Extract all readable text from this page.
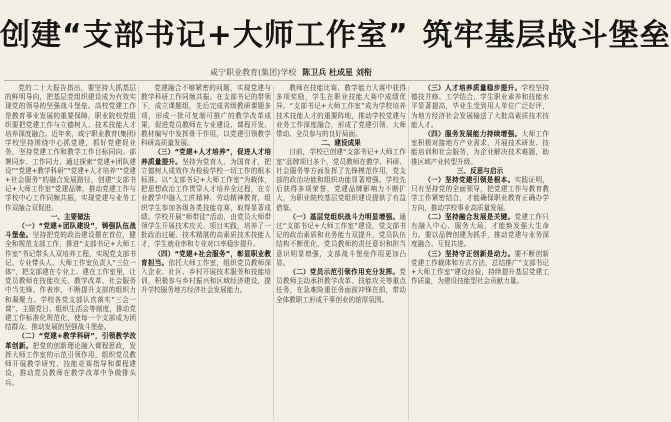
创建“支部书记+大师工作室” 筑牢基层战斗堡垒
咸宁职业教育(集团)学校 陈卫兵 杜成星 刘衔

党的二十大报告指出，要坚持大抓基层的鲜明导向，把基层党组织建设成为有效实现党的领导的坚强战斗堡垒。高校党建工作是教育事业发展的重要保障，职业院校党组织要把党建工作与立德树人、技术技能人才培养深度融合。近年来，咸宁职业教育(集团)学校坚持围绕中心抓党建，抓好党建促业务，坚持党建工作和教学工作目标同向、部署同步、工作同力，通过探索“党建+团队建设”“党建+教学科研”“党建+人才培养”“党建+社会服务”的融合发展路径，创建“支部书记+大师工作室”党建品牌，推动党建工作与学校中心工作同频共振，实现党建与业务工作双融合双促进。

一、主要做法

（一）“党建+团队建设”，铸强队伍战斗堡垒。坚持把党的政治建设摆在首位，健全和规范支部工作，推进“支部书记+大师工作室”书记带头人双培养工程，实现党支部书记、专业带头人、大师工作室负责人“三位一体”，把支部建在专业上、建在工作室里，让党员教师在技能攻关、教学改革、社会服务中当先锋、作表率，不断提升支部的组织力和凝聚力。学校各党支部认真落实“三会一课”、主题党日、组织生活会等制度，推动党建工作标准化规范化，使每一个支部成为团结群众、推动发展的坚强战斗堡垒。

（二）“党建+教学科研”，引领教学改革创新。把党的创新理论融入课程思政，发挥大师工作室的示范引领作用，组织党员教师开展教学研究、技能竞赛指导和课程建设，推动党员教师在教学改革中争做排头兵。

党建融合不够紧密的问题，实现党建与教学科研工作同频共振。在支部书记的带领下，成立课题组，先后完成省级教研课题多项，形成一批可复制可推广的教学改革成果，促进党员教师在专业建设、课程开发、教材编写中发挥骨干作用，以党建引领教学科研高质量发展。

（三）“党建+人才培养”，促进人才培养质量提升。坚持为党育人、为国育才，把立德树人成效作为检验学校一切工作的根本标准。以“支部书记+大师工作室”为载体，把思想政治工作贯穿人才培养全过程，在专业教学中融入工匠精神、劳动精神教育，组织学生参加各级各类技能竞赛，取得显著成绩。学校开展“师带徒”活动，由党员大师带领学生开展技术攻关、项目实践，培养了一批政治过硬、技术精湛的高素质技术技能人才，学生就业率和专业对口率稳步提升。

（四）“党建+社会服务”，彰显职业教育担当。依托大师工作室，组织党员教师深入企业、社区、乡村开展技术服务和技能培训，积极参与乡村振兴和区域经济建设，提升学校服务地方经济社会发展能力。

教师在技能比赛、教学能力大赛中获得多项奖励，学生在职业技能大赛中成绩优异。“支部书记+大师工作室”成为学校培养技术技能人才的重要阵地，推动学校党建与业务工作深度融合，形成了党建引领、大师带动、全员参与的良好局面。

二、建设成果

目前，学校已创建“支部书记+大师工作室”品牌项目多个，党员教师在教学、科研、社会服务等方面发挥了先锋模范作用，党支部的政治功能和组织功能显著增强。学校先后获得多项荣誉，党建品牌影响力不断扩大，为职业院校基层党组织建设提供了有益借鉴。

（一）基层党组织战斗力明显增强。通过“支部书记+大师工作室”建设，党支部书记的政治素质和业务能力双提升，党员队伍结构不断优化，党员教师的责任意识和担当意识明显增强，支部战斗堡垒作用更加凸显。

（二）党员示范引领作用充分发挥。党员教师主动承担教学改革、技能攻关等重点任务，在急难险重任务面前冲锋在前，带动全体教职工形成干事创业的浓厚氛围。

（三）人才培养质量稳步提升。学校坚持德技并修、工学结合，学生职业素养和技能水平显著提高，毕业生受到用人单位广泛好评，为地方经济社会发展输送了大批高素质技术技能人才。

（四）服务发展能力持续增强。大师工作室积极对接地方产业需求，开展技术研发、技能培训和社会服务，为企业解决技术难题，助推区域产业转型升级。

三、反思与启示

（一）坚持党建引领是根本。实践证明，只有坚持党的全面领导，把党建工作与教育教学工作紧密结合，才能确保职业教育正确办学方向，推动学校事业高质量发展。

（二）坚持融合发展是关键。党建工作只有融入中心、服务大局，才能焕发强大生命力。要以品牌创建为抓手，推动党建与业务深度融合、互促共进。

（三）坚持守正创新是动力。要不断创新党建工作载体和方式方法，总结推广“支部书记+大师工作室”建设经验，持续提升基层党建工作质量，为建设技能型社会贡献力量。
